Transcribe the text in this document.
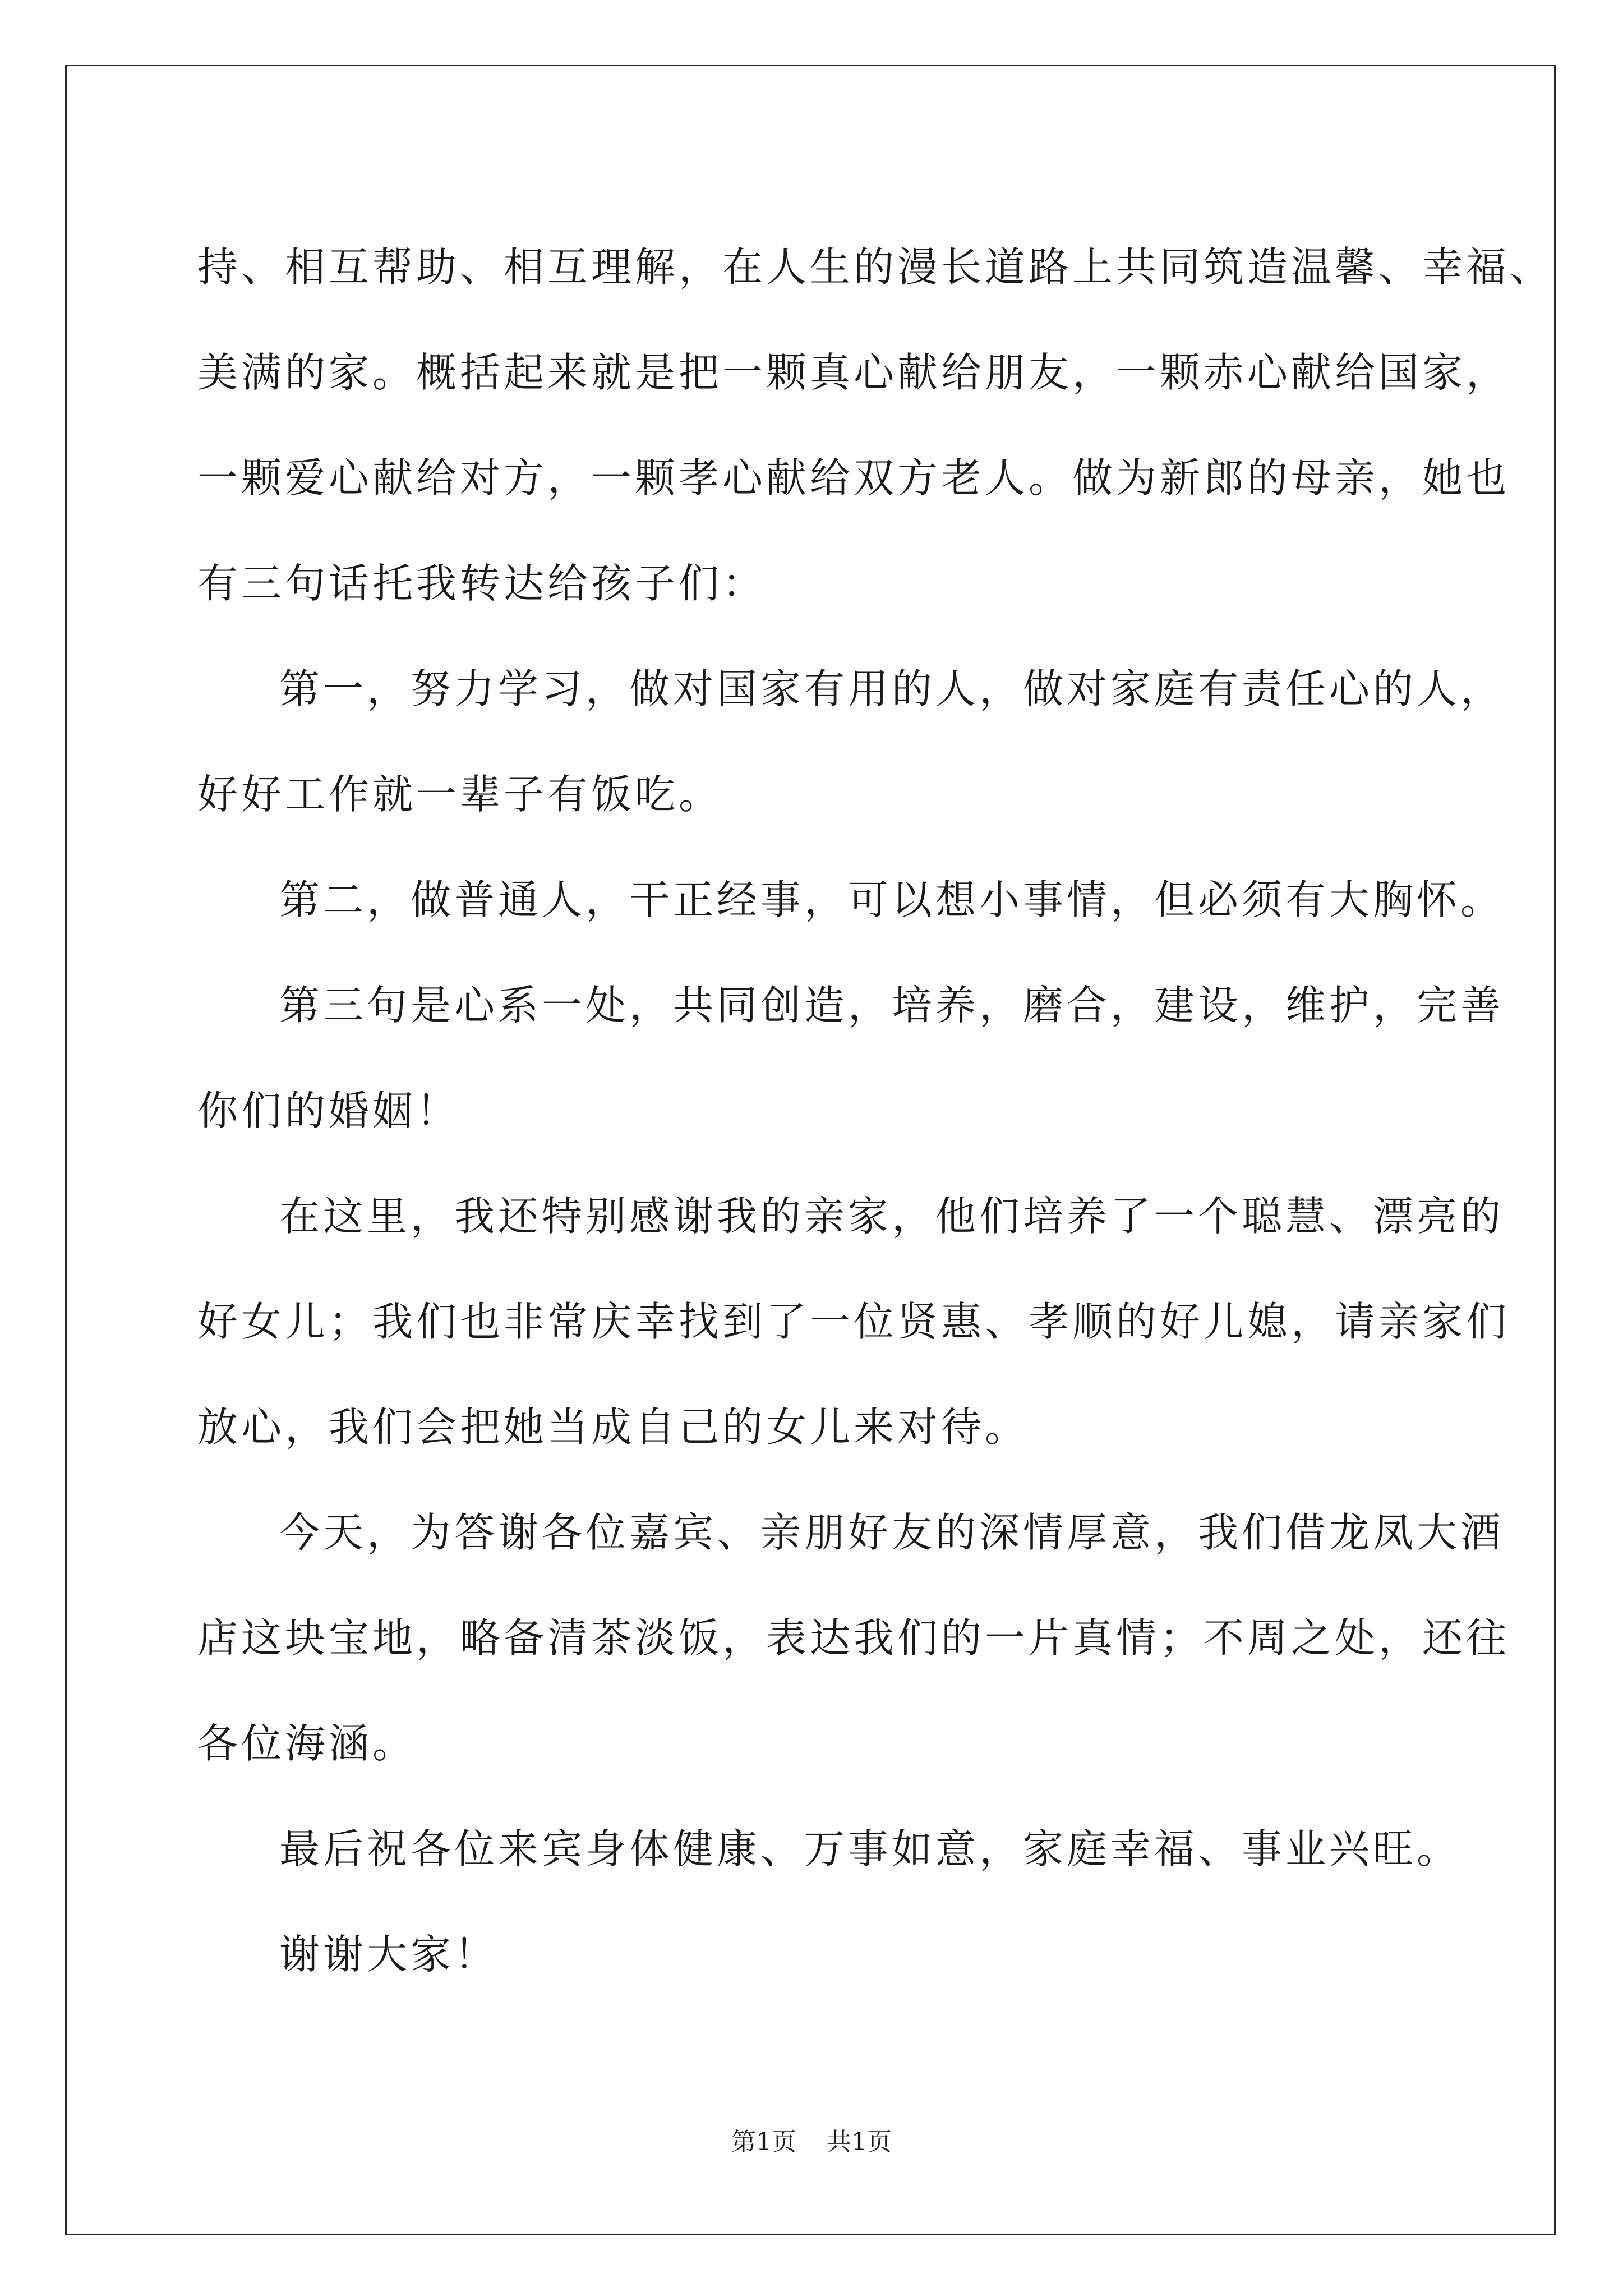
持、相互帮助、相互理解，在人生的漫长道路上共同筑造温馨、幸福、
美满的家。概括起来就是把一颗真心献给朋友，一颗赤心献给国家，
一颗爱心献给对方，一颗孝心献给双方老人。做为新郎的母亲，她也
有三句话托我转达给孩子们：
第一，努力学习，做对国家有用的人，做对家庭有责任心的人，
好好工作就一辈子有饭吃。
第二，做普通人，干正经事，可以想小事情，但必须有大胸怀。
第三句是心系一处，共同创造，培养，磨合，建设，维护，完善
你们的婚姻！
在这里，我还特别感谢我的亲家，他们培养了一个聪慧、漂亮的
好女儿；我们也非常庆幸找到了一位贤惠、孝顺的好儿媳，请亲家们
放心，我们会把她当成自己的女儿来对待。
今天，为答谢各位嘉宾、亲朋好友的深情厚意，我们借龙凤大酒
店这块宝地，略备清茶淡饭，表达我们的一片真情；不周之处，还往
各位海涵。
最后祝各位来宾身体健康、万事如意，家庭幸福、事业兴旺。
谢谢大家！
第1页 共1页
